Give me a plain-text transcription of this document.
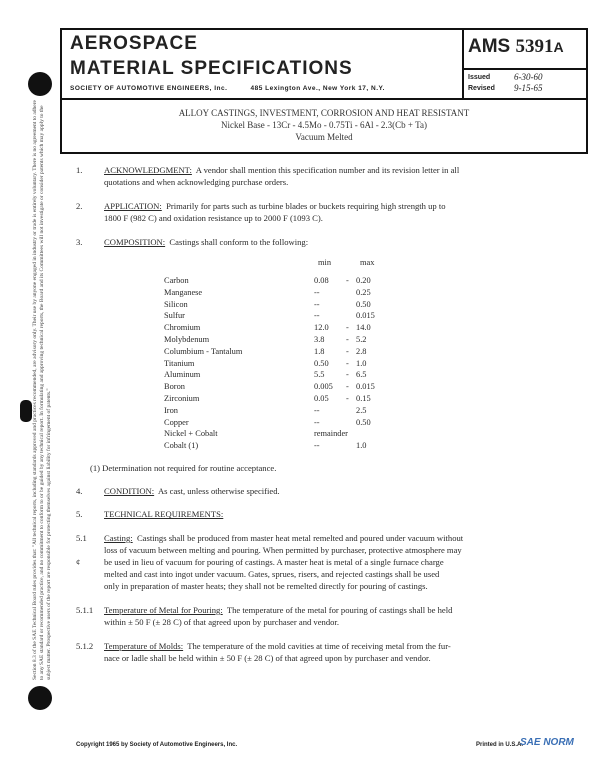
AEROSPACE
MATERIAL SPECIFICATIONS
SOCIETY OF AUTOMOTIVE ENGINEERS, Inc.	485 Lexington Ave., New York 17, N.Y.
AMS 5391A
Issued	6-30-60
Revised 9-15-65
ALLOY CASTINGS, INVESTMENT, CORROSION AND HEAT RESISTANT
Nickel Base - 13Cr - 4.5Mo - 0.75Ti - 6Al - 2.3(Cb + Ta)
Vacuum Melted
Section 8.3 of the SAE Technical Board rules provides that: "All technical reports, including standards approved and practices recommended, are advisory only. Their use by anyone engaged in industry or trade is entirely voluntary. There is no agreement to adhere to any SAE standard or recommended practice, and no commitment to conform to or be guided by any technical report. In formulating and approving technical reports, the Board and its Committees will not investigate or consider patents which may apply to the subject matter. Prospective users of the report are responsible for protecting themselves against liability for infringement of patents."
1.	ACKNOWLEDGMENT: A vendor shall mention this specification number and its revision letter in all
quotations and when acknowledging purchase orders.
2.	APPLICATION: Primarily for parts such as turbine blades or buckets requiring high strength up to
1800 F (982 C) and oxidation resistance up to 2000 F (1093 C).
3.	COMPOSITION: Castings shall conform to the following:
min	max
Carbon	0.08 - 0.20
Manganese	--	0.25
Silicon	--	0.50
Sulfur	--	0.015
Chromium	12.0 - 14.0
Molybdenum	3.8	- 5.2
Columbium - Tantalum	1.8	- 2.8
Titanium	0.50 - 1.0
Aluminum	5.5	- 6.5
Boron	0.005 - 0.015
Zirconium	0.05 - 0.15
Iron	--	2.5
Copper	--	0.50
Nickel + Cobalt	remainder
Cobalt (1)	--	1.0
(1) Determination not required for routine acceptance.
4.	CONDITION: As cast, unless otherwise specified.
5.	TECHNICAL REQUIREMENTS:
5.1 Casting: Castings shall be produced from master heat metal remelted and poured under vacuum without
loss of vacuum between melting and pouring. When permitted by purchaser, protective atmosphere may
¢	be used in lieu of vacuum for pouring of castings. A master heat is metal of a single furnace charge
melted and cast into ingot under vacuum. Gates, sprues, risers, and rejected castings shall be used
only in preparation of master heats; they shall not be remelted directly for pouring of castings.
5.1.1 Temperature of Metal for Pouring: The temperature of the metal for pouring of castings shall be held
within ± 50 F (± 28 C) of that agreed upon by purchaser and vendor.
5.1.2 Temperature of Molds: The temperature of the mold cavities at time of receiving metal from the fur-
nace or ladle shall be held within ± 50 F (± 28 C) of that agreed upon by purchaser and vendor.
Copyright 1965 by Society of Automotive Engineers, Inc.	Printed in U.S.A.
SAE NORM
